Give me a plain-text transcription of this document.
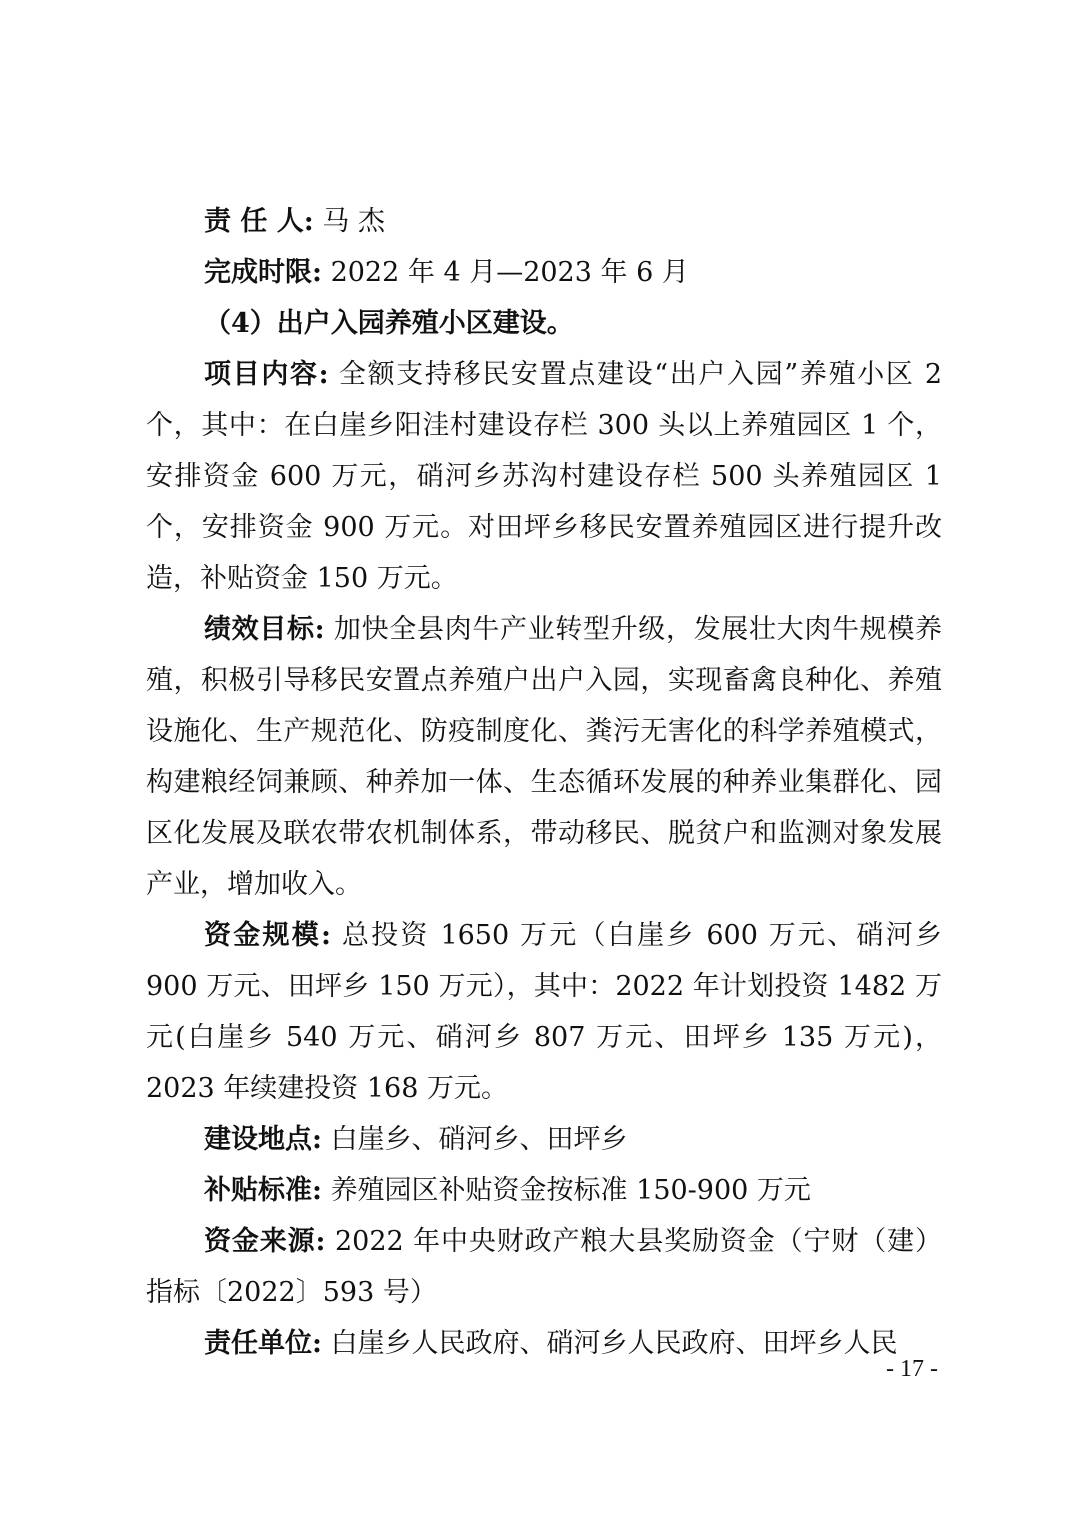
责 任 人: 马 杰

完成时限: 2022 年 4 月—2023 年 6 月

（4）出户入园养殖小区建设。

项目内容: 全额支持移民安置点建设“出户入园”养殖小区 2 个，其中：在白崖乡阳洼村建设存栏 300 头以上养殖园区 1 个，安排资金 600 万元，硝河乡苏沟村建设存栏 500 头养殖园区 1 个，安排资金 900 万元。对田坪乡移民安置养殖园区进行提升改造，补贴资金 150 万元。

绩效目标: 加快全县肉牛产业转型升级，发展壮大肉牛规模养殖，积极引导移民安置点养殖户出户入园，实现畜禽良种化、养殖设施化、生产规范化、防疫制度化、粪污无害化的科学养殖模式，构建粮经饲兼顾、种养加一体、生态循环发展的种养业集群化、园区化发展及联农带农机制体系，带动移民、脱贫户和监测对象发展产业，增加收入。

资金规模: 总投资 1650 万元（白崖乡 600 万元、硝河乡 900 万元、田坪乡 150 万元），其中：2022 年计划投资 1482 万元(白崖乡 540 万元、硝河乡 807 万元、田坪乡 135 万元)，2023 年续建投资 168 万元。

建设地点: 白崖乡、硝河乡、田坪乡

补贴标准: 养殖园区补贴资金按标准 150-900 万元

资金来源: 2022 年中央财政产粮大县奖励资金（宁财（建）指标〔2022〕593 号）

责任单位: 白崖乡人民政府、硝河乡人民政府、田坪乡人民

- 17 -
